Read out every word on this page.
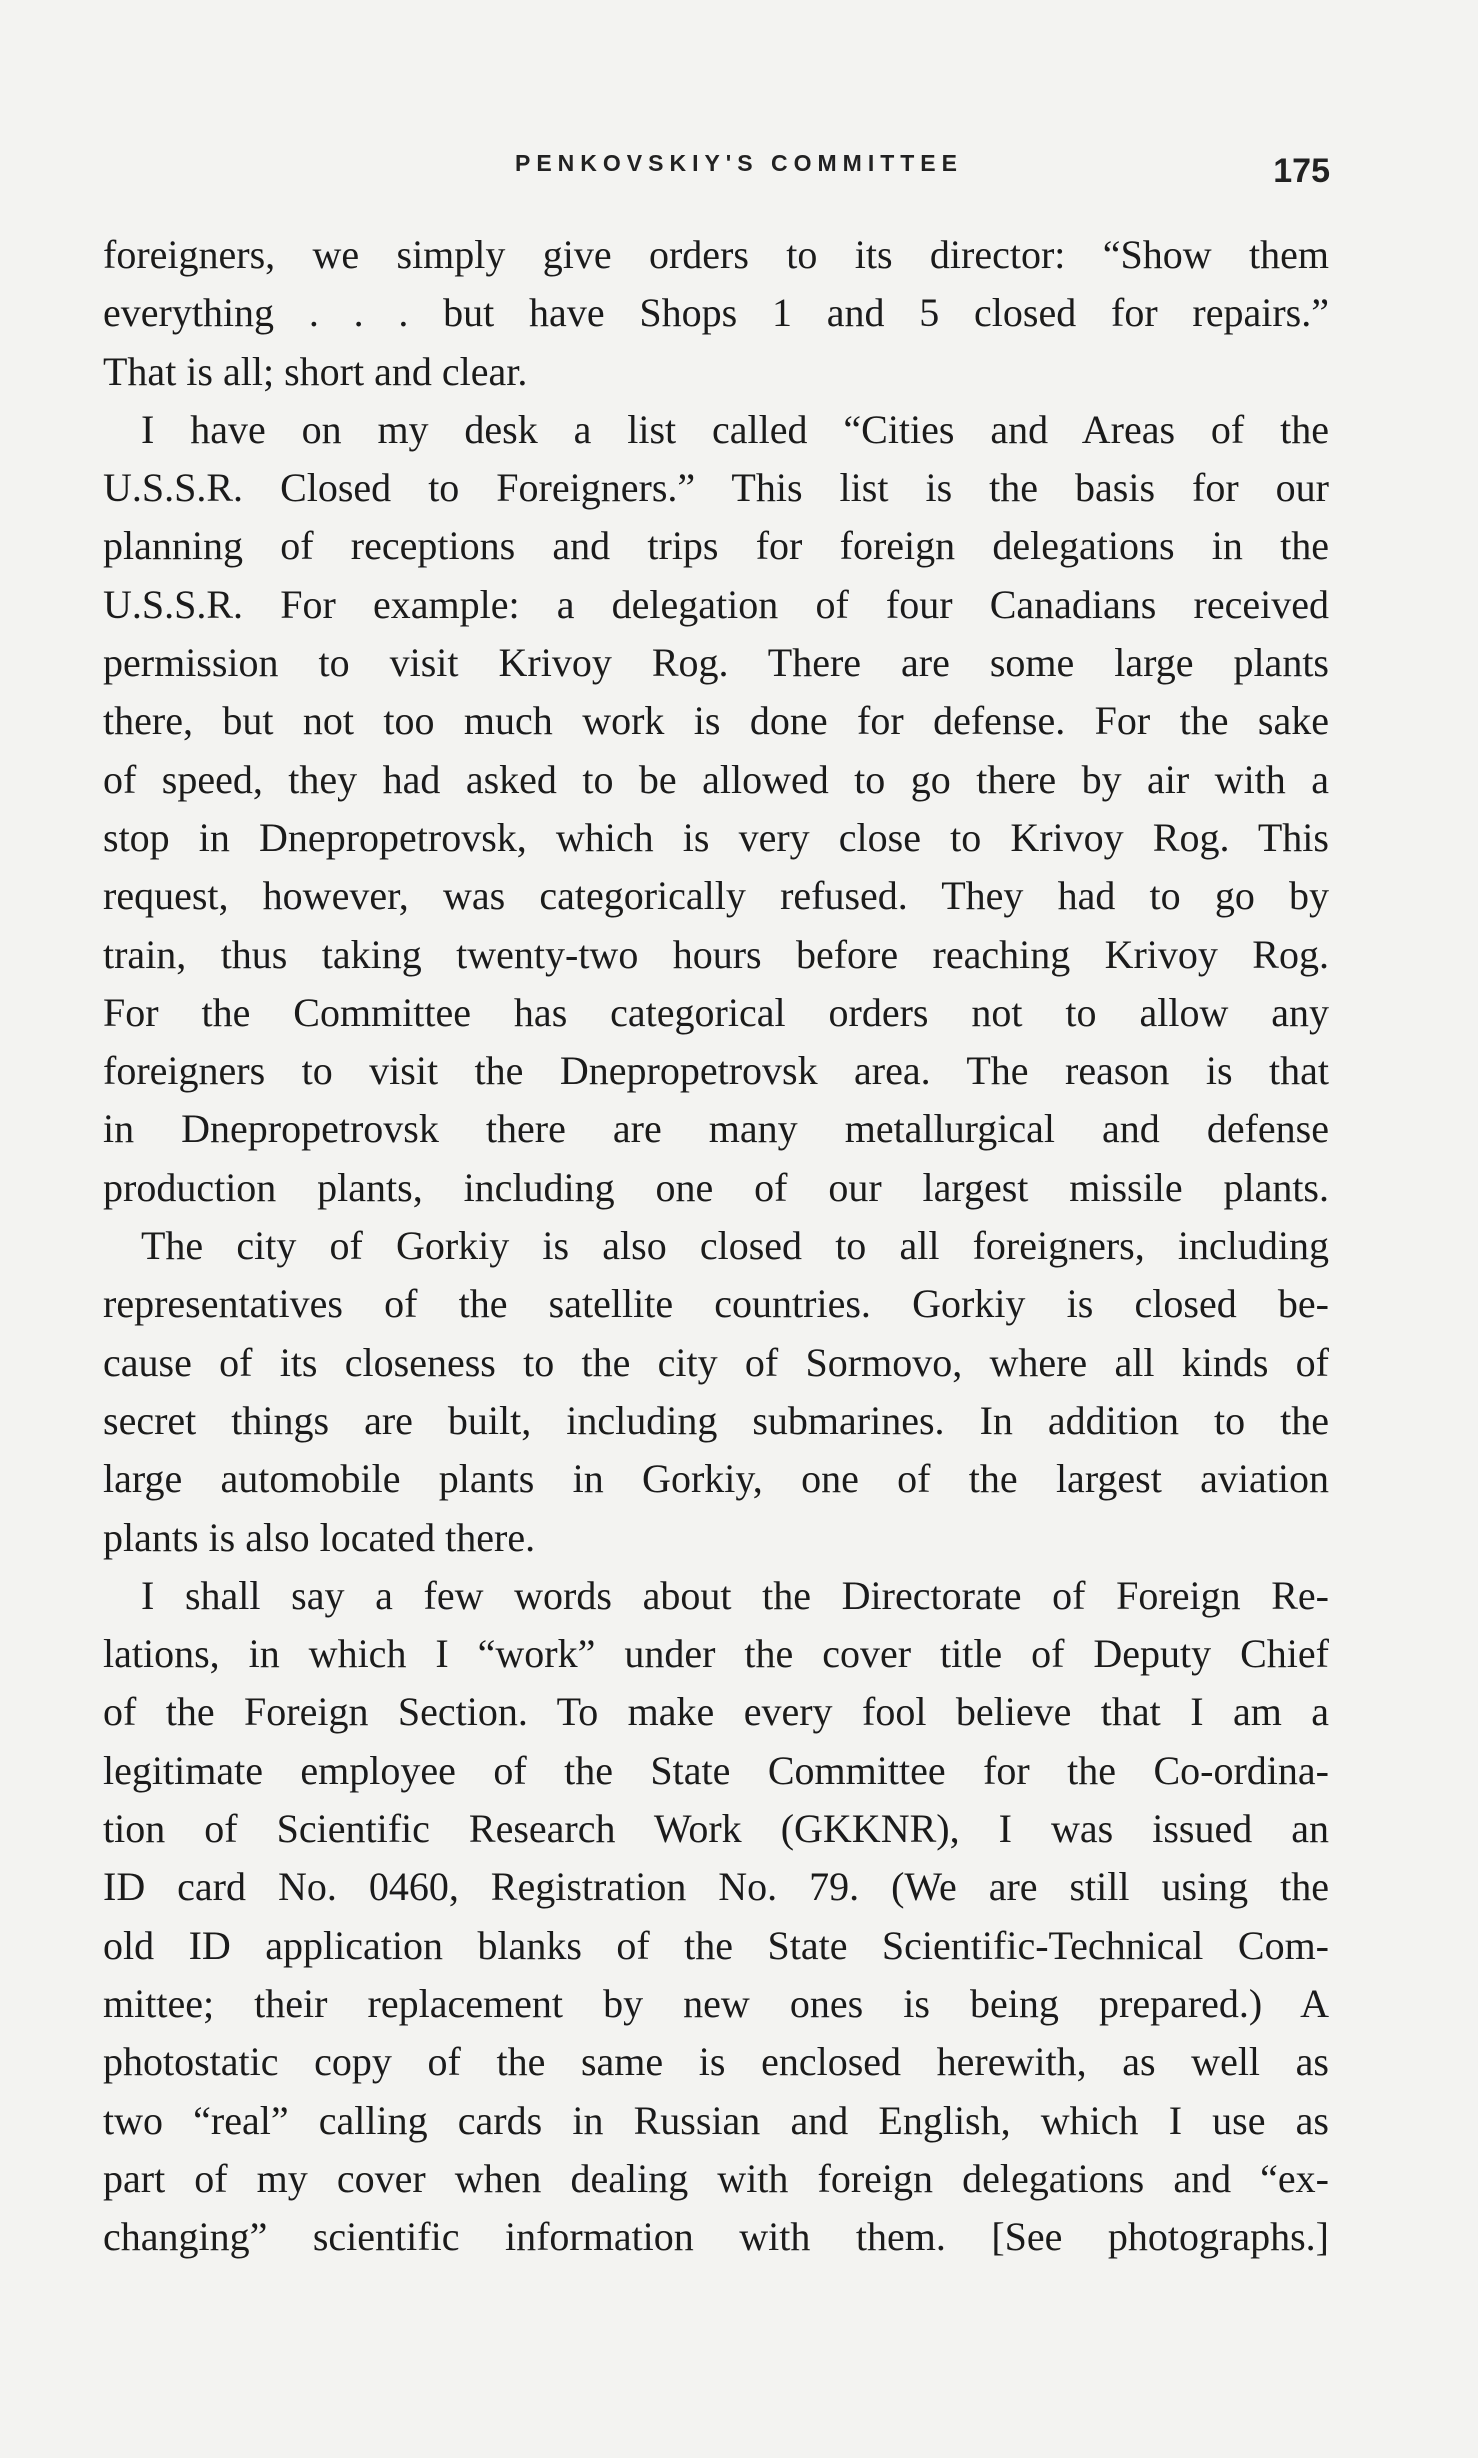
PENKOVSKIY'S COMMITTEE	175
foreigners, we simply give orders to its director: “Show them
everything . . . but have Shops 1 and 5 closed for repairs.”
That is all; short and clear.
I have on my desk a list called “Cities and Areas of the
U.S.S.R. Closed to Foreigners.” This list is the basis for our
planning of receptions and trips for foreign delegations in the
U.S.S.R. For example: a delegation of four Canadians received
permission to visit Krivoy Rog. There are some large plants
there, but not too much work is done for defense. For the sake
of speed, they had asked to be allowed to go there by air with a
stop in Dnepropetrovsk, which is very close to Krivoy Rog. This
request, however, was categorically refused. They had to go by
train, thus taking twenty-two hours before reaching Krivoy Rog.
For the Committee has categorical orders not to allow any
foreigners to visit the Dnepropetrovsk area. The reason is that
in Dnepropetrovsk there are many metallurgical and defense
production plants, including one of our largest missile plants.
The city of Gorkiy is also closed to all foreigners, including
representatives of the satellite countries. Gorkiy is closed be-
cause of its closeness to the city of Sormovo, where all kinds of
secret things are built, including submarines. In addition to the
large automobile plants in Gorkiy, one of the largest aviation
plants is also located there.
I shall say a few words about the Directorate of Foreign Re-
lations, in which I “work” under the cover title of Deputy Chief
of the Foreign Section. To make every fool believe that I am a
legitimate employee of the State Committee for the Co-ordina-
tion of Scientific Research Work (GKKNR), I was issued an
ID card No. 0460, Registration No. 79. (We are still using the
old ID application blanks of the State Scientific-Technical Com-
mittee; their replacement by new ones is being prepared.) A
photostatic copy of the same is enclosed herewith, as well as
two “real” calling cards in Russian and English, which I use as
part of my cover when dealing with foreign delegations and “ex-
changing” scientific information with them. [See photographs.]
